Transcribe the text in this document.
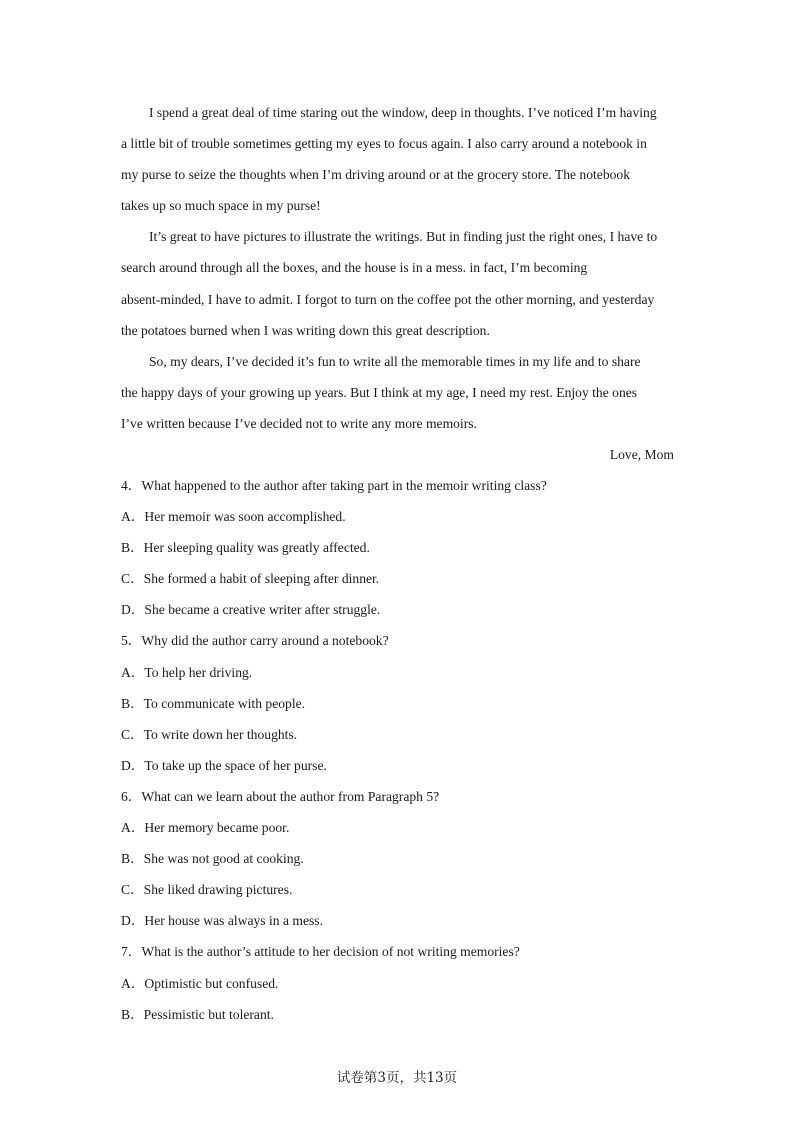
I spend a great deal of time staring out the window, deep in thoughts. I’ve noticed I’m having
a little bit of trouble sometimes getting my eyes to focus again. I also carry around a notebook in
my purse to seize the thoughts when I’m driving around or at the grocery store. The notebook
takes up so much space in my purse!
It’s great to have pictures to illustrate the writings. But in finding just the right ones, I have to
search around through all the boxes, and the house is in a mess. in fact, I’m becoming
absent-minded, I have to admit. I forgot to turn on the coffee pot the other morning, and yesterday
the potatoes burned when I was writing down this great description.
So, my dears, I’ve decided it’s fun to write all the memorable times in my life and to share
the happy days of your growing up years. But I think at my age, I need my rest. Enjoy the ones
I’ve written because I’ve decided not to write any more memoirs.
Love, Mom
4．What happened to the author after taking part in the memoir writing class?
A．Her memoir was soon accomplished.
B．Her sleeping quality was greatly affected.
C．She formed a habit of sleeping after dinner.
D．She became a creative writer after struggle.
5．Why did the author carry around a notebook?
A．To help her driving.
B．To communicate with people.
C．To write down her thoughts.
D．To take up the space of her purse.
6．What can we learn about the author from Paragraph 5?
A．Her memory became poor.
B．She was not good at cooking.
C．She liked drawing pictures.
D．Her house was always in a mess.
7．What is the author’s attitude to her decision of not writing memories?
A．Optimistic but confused.
B．Pessimistic but tolerant.
试卷第3页，共13页
